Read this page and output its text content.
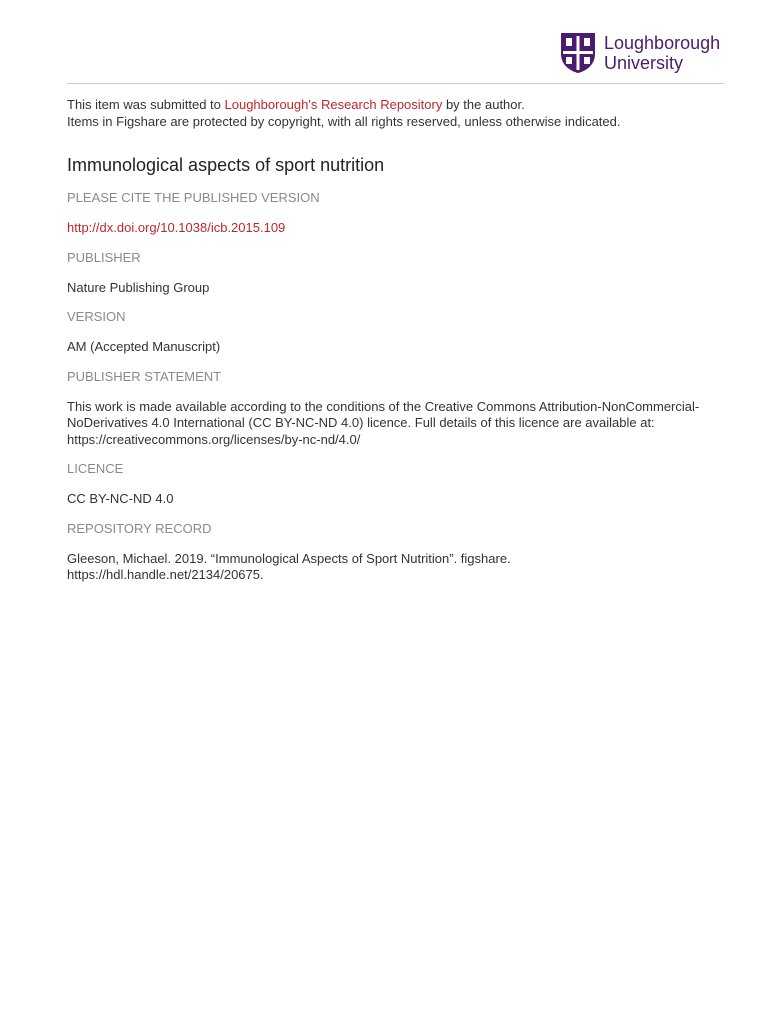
Loughborough
University

This item was submitted to Loughborough's Research Repository by the author.
Items in Figshare are protected by copyright, with all rights reserved, unless otherwise indicated.

Immunological aspects of sport nutrition
PLEASE CITE THE PUBLISHED VERSION
http://dx.doi.org/10.1038/icb.2015.109
PUBLISHER
Nature Publishing Group
VERSION
AM (Accepted Manuscript)
PUBLISHER STATEMENT
This work is made available according to the conditions of the Creative Commons Attribution-NonCommercial-
NoDerivatives 4.0 International (CC BY-NC-ND 4.0) licence. Full details of this licence are available at:
https://creativecommons.org/licenses/by-nc-nd/4.0/
LICENCE
CC BY-NC-ND 4.0
REPOSITORY RECORD
Gleeson, Michael. 2019. “Immunological Aspects of Sport Nutrition”. figshare.
https://hdl.handle.net/2134/20675.
